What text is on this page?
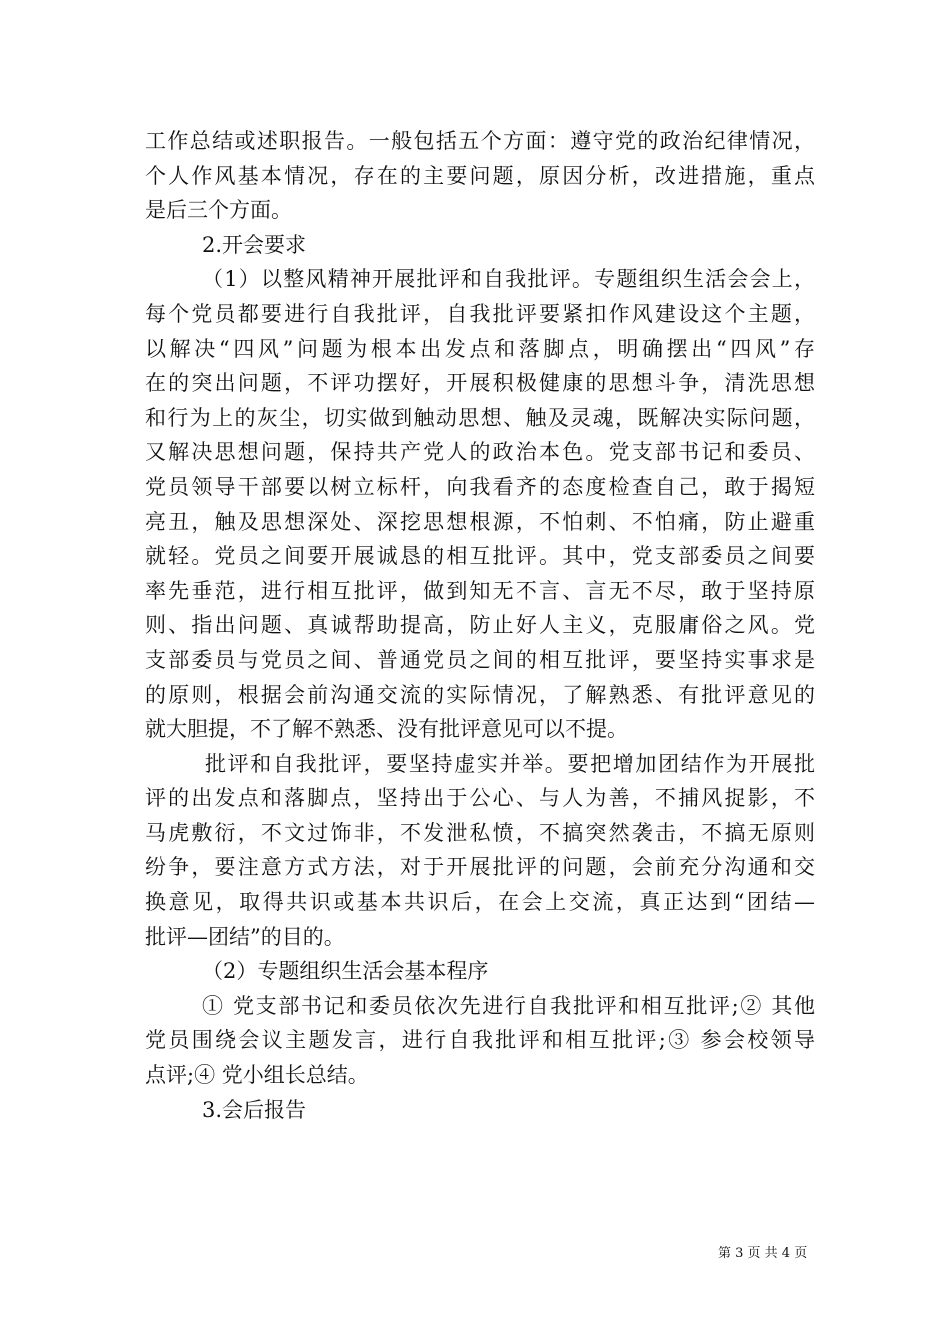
工作总结或述职报告。一般包括五个方面：遵守党的政治纪律情况，
个人作风基本情况，存在的主要问题，原因分析，改进措施，重点
是后三个方面。
2.开会要求
（1）以整风精神开展批评和自我批评。专题组织生活会会上，
每个党员都要进行自我批评，自我批评要紧扣作风建设这个主题，
以解决“四风”问题为根本出发点和落脚点，明确摆出“四风”存
在的突出问题，不评功摆好，开展积极健康的思想斗争，清洗思想
和行为上的灰尘，切实做到触动思想、触及灵魂，既解决实际问题，
又解决思想问题，保持共产党人的政治本色。党支部书记和委员、
党员领导干部要以树立标杆，向我看齐的态度检查自己，敢于揭短
亮丑，触及思想深处、深挖思想根源，不怕刺、不怕痛，防止避重
就轻。党员之间要开展诚恳的相互批评。其中，党支部委员之间要
率先垂范，进行相互批评，做到知无不言、言无不尽，敢于坚持原
则、指出问题、真诚帮助提高，防止好人主义，克服庸俗之风。党
支部委员与党员之间、普通党员之间的相互批评，要坚持实事求是
的原则，根据会前沟通交流的实际情况，了解熟悉、有批评意见的
就大胆提，不了解不熟悉、没有批评意见可以不提。
批评和自我批评，要坚持虚实并举。要把增加团结作为开展批
评的出发点和落脚点，坚持出于公心、与人为善，不捕风捉影，不
马虎敷衍，不文过饰非，不发泄私愤，不搞突然袭击，不搞无原则
纷争，要注意方式方法，对于开展批评的问题，会前充分沟通和交
换意见，取得共识或基本共识后，在会上交流，真正达到“团结—
批评—团结”的目的。
（2）专题组织生活会基本程序
① 党支部书记和委员依次先进行自我批评和相互批评;② 其他
党员围绕会议主题发言，进行自我批评和相互批评;③ 参会校领导
点评;④ 党小组长总结。
3.会后报告
第 3 页 共 4 页
